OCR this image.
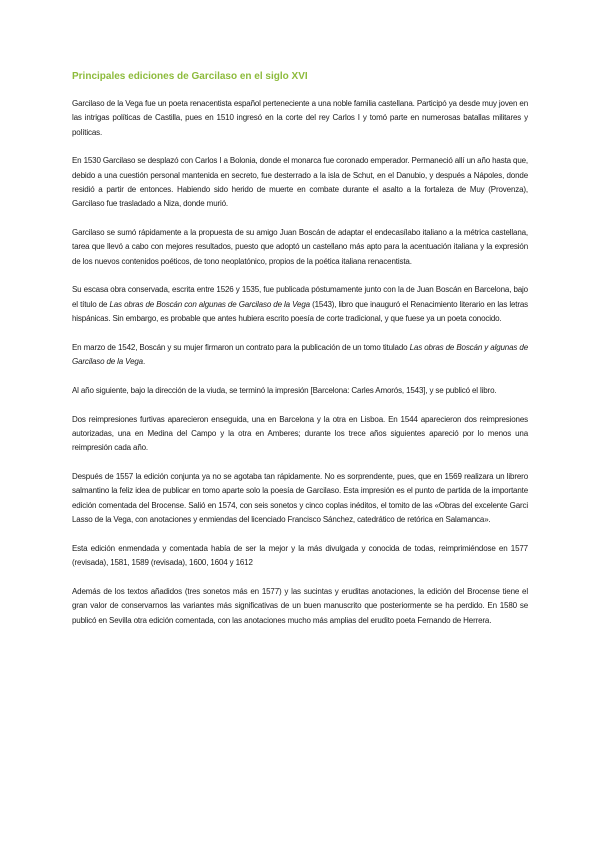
Principales ediciones de Garcilaso en el siglo XVI

Garcilaso de la Vega fue un poeta renacentista español perteneciente a una noble familia castellana. Participó ya desde muy joven en las intrigas políticas de Castilla, pues en 1510 ingresó en la corte del rey Carlos I y tomó parte en numerosas batallas militares y políticas.

En 1530 Garcilaso se desplazó con Carlos I a Bolonia, donde el monarca fue coronado emperador. Permaneció allí un año hasta que, debido a una cuestión personal mantenida en secreto, fue desterrado a la isla de Schut, en el Danubio, y después a Nápoles, donde residió a partir de entonces. Habiendo sido herido de muerte en combate durante el asalto a la fortaleza de Muy (Provenza), Garcilaso fue trasladado a Niza, donde murió.

Garcilaso se sumó rápidamente a la propuesta de su amigo Juan Boscán de adaptar el endecasílabo italiano a la métrica castellana, tarea que llevó a cabo con mejores resultados, puesto que adoptó un castellano más apto para la acentuación italiana y la expresión de los nuevos contenidos poéticos, de tono neoplatónico, propios de la poética italiana renacentista.

Su escasa obra conservada, escrita entre 1526 y 1535, fue publicada póstumamente junto con la de Juan Boscán en Barcelona, bajo el título de Las obras de Boscán con algunas de Garcilaso de la Vega (1543), libro que inauguró el Renacimiento literario en las letras hispánicas. Sin embargo, es probable que antes hubiera escrito poesía de corte tradicional, y que fuese ya un poeta conocido.

En marzo de 1542, Boscán y su mujer firmaron un contrato para la publicación de un tomo titulado Las obras de Boscán y algunas de Garcilaso de la Vega.

Al año siguiente, bajo la dirección de la viuda, se terminó la impresión [Barcelona: Carles Amorós, 1543], y se publicó el libro.

Dos reimpresiones furtivas aparecieron enseguida, una en Barcelona y la otra en Lisboa. En 1544 aparecieron dos reimpresiones autorizadas, una en Medina del Campo y la otra en Amberes; durante los trece años siguientes apareció por lo menos una reimpresión cada año.

Después de 1557 la edición conjunta ya no se agotaba tan rápidamente. No es sorprendente, pues, que en 1569 realizara un librero salmantino la feliz idea de publicar en tomo aparte solo la poesía de Garcilaso. Esta impresión es el punto de partida de la importante edición comentada del Brocense. Salió en 1574, con seis sonetos y cinco coplas inéditos, el tomito de las «Obras del excelente Garci Lasso de la Vega, con anotaciones y enmiendas del licenciado Francisco Sánchez, catedrático de retórica en Salamanca».

Esta edición enmendada y comentada había de ser la mejor y la más divulgada y conocida de todas, reimprimiéndose en 1577 (revisada), 1581, 1589 (revisada), 1600, 1604 y 1612

Además de los textos añadidos (tres sonetos más en 1577) y las sucintas y eruditas anotaciones, la edición del Brocense tiene el gran valor de conservarnos las variantes más significativas de un buen manuscrito que posteriormente se ha perdido. En 1580 se publicó en Sevilla otra edición comentada, con las anotaciones mucho más amplias del erudito poeta Fernando de Herrera.
